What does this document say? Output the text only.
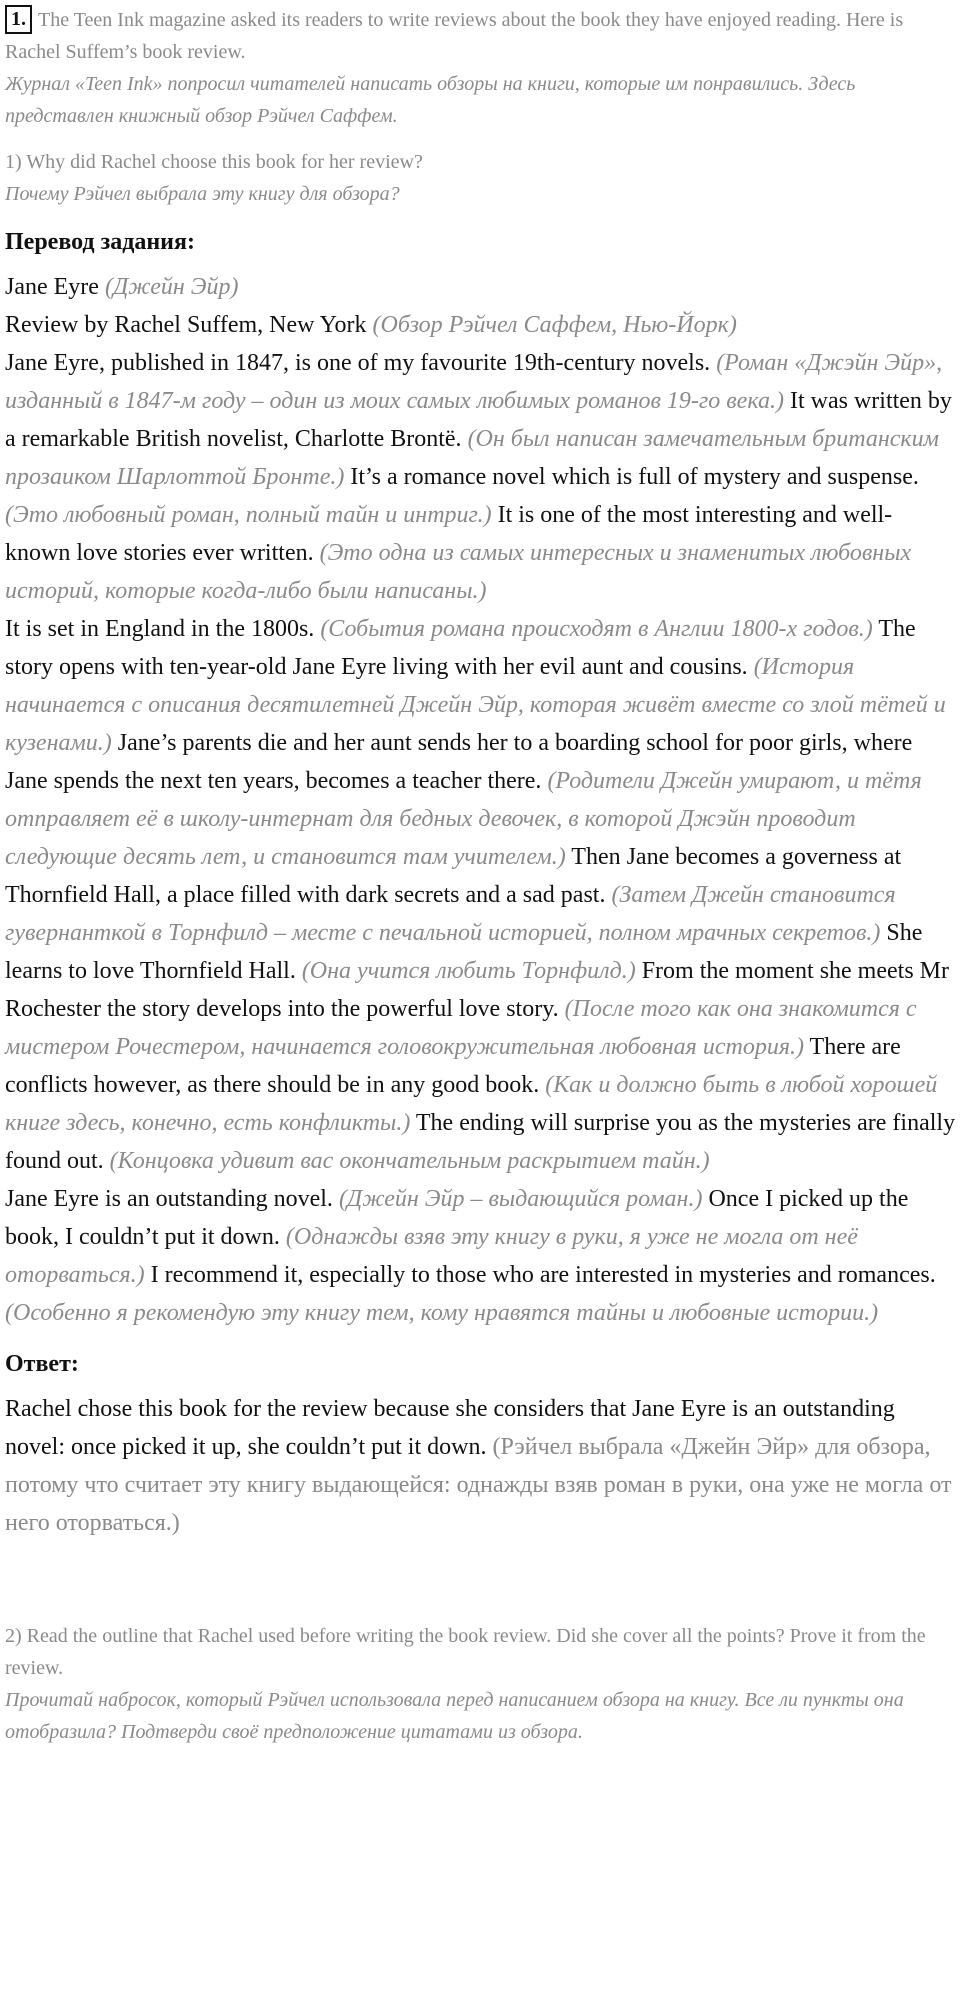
1. The Teen Ink magazine asked its readers to write reviews about the book they have enjoyed reading. Here is Rachel Suffem’s book review.

Журнал «Teen Ink» попросил читателей написать обзоры на книги, которые им понравились. Здесь представлен книжный обзор Рэйчел Саффем.

1) Why did Rachel choose this book for her review?

Почему Рэйчел выбрала эту книгу для обзора?

Перевод задания:

Jane Eyre (Джейн Эйр)

Review by Rachel Suffem, New York (Обзор Рэйчел Саффем, Нью-Йорк)

Jane Eyre, published in 1847, is one of my favourite 19th-century novels. (Роман «Джэйн Эйр», изданный в 1847-м году – один из моих самых любимых романов 19-го века.) It was written by a remarkable British novelist, Charlotte Brontë. (Он был написан замечательным британским прозаиком Шарлоттой Бронте.) It’s a romance novel which is full of mystery and suspense. (Это любовный роман, полный тайн и интриг.) It is one of the most interesting and well-known love stories ever written. (Это одна из самых интересных и знаменитых любовных историй, которые когда-либо были написаны.)

It is set in England in the 1800s. (События романа происходят в Англии 1800-х годов.) The story opens with ten-year-old Jane Eyre living with her evil aunt and cousins. (История начинается с описания десятилетней Джейн Эйр, которая живёт вместе со злой тётей и кузенами.) Jane’s parents die and her aunt sends her to a boarding school for poor girls, where Jane spends the next ten years, becomes a teacher there. (Родители Джейн умирают, и тётя отправляет её в школу-интернат для бедных девочек, в которой Джэйн проводит следующие десять лет, и становится там учителем.) Then Jane becomes a governess at Thornfield Hall, a place filled with dark secrets and a sad past. (Затем Джейн становится гувернанткой в Торнфилд – месте с печальной историей, полном мрачных секретов.) She learns to love Thornfield Hall. (Она учится любить Торнфилд.) From the moment she meets Mr Rochester the story develops into the powerful love story. (После того как она знакомится с мистером Рочестером, начинается головокружительная любовная история.) There are conflicts however, as there should be in any good book. (Как и должно быть в любой хорошей книге здесь, конечно, есть конфликты.) The ending will surprise you as the mysteries are finally found out. (Концовка удивит вас окончательным раскрытием тайн.)

Jane Eyre is an outstanding novel. (Джейн Эйр – выдающийся роман.) Once I picked up the book, I couldn’t put it down. (Однажды взяв эту книгу в руки, я уже не могла от неё оторваться.) I recommend it, especially to those who are interested in mysteries and romances. (Особенно я рекомендую эту книгу тем, кому нравятся тайны и любовные истории.)

Ответ:

Rachel chose this book for the review because she considers that Jane Eyre is an outstanding novel: once picked it up, she couldn’t put it down. (Рэйчел выбрала «Джейн Эйр» для обзора, потому что считает эту книгу выдающейся: однажды взяв роман в руки, она уже не могла от него оторваться.)

2) Read the outline that Rachel used before writing the book review. Did she cover all the points? Prove it from the review.

Прочитай набросок, который Рэйчел использовала перед написанием обзора на книгу. Все ли пункты она отобразила? Подтверди своё предположение цитатами из обзора.
